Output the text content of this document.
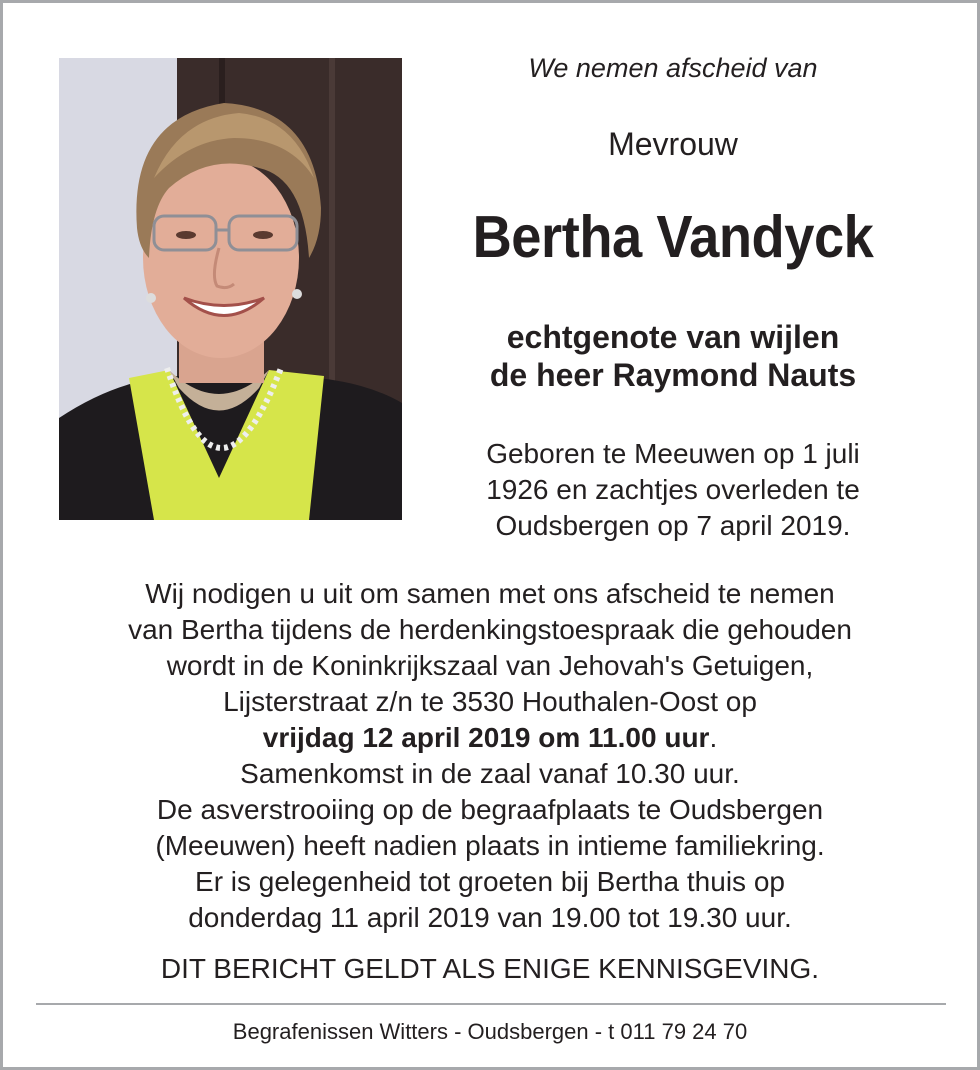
We nemen afscheid van
Mevrouw
Bertha Vandyck
echtgenote van wijlen
de heer Raymond Nauts
Geboren te Meeuwen op 1 juli
1926 en zachtjes overleden te
Oudsbergen op 7 april 2019.
Wij nodigen u uit om samen met ons afscheid te nemen
van Bertha tijdens de herdenkingstoespraak die gehouden
wordt in de Koninkrijkszaal van Jehovah's Getuigen,
Lijsterstraat z/n te 3530 Houthalen-Oost op
vrijdag 12 april 2019 om 11.00 uur.
Samenkomst in de zaal vanaf 10.30 uur.
De asverstrooiing op de begraafplaats te Oudsbergen
(Meeuwen) heeft nadien plaats in intieme familiekring.
Er is gelegenheid tot groeten bij Bertha thuis op
donderdag 11 april 2019 van 19.00 tot 19.30 uur.
DIT BERICHT GELDT ALS ENIGE KENNISGEVING.
Begrafenissen Witters - Oudsbergen - t 011 79 24 70
